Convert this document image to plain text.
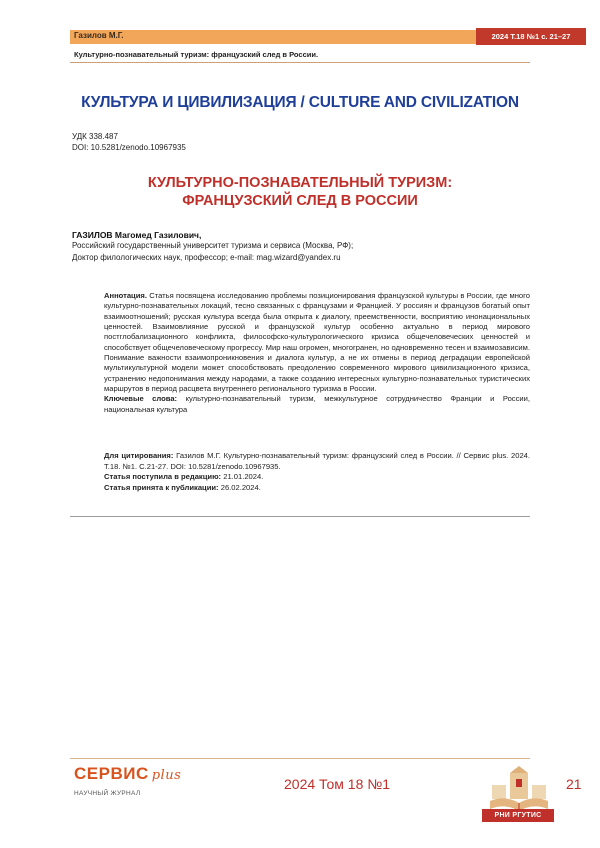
Газилов М.Г.	2024 Т.18 №1 с. 21–27
Культурно-познавательный туризм: французский след в России.
КУЛЬТУРА И ЦИВИЛИЗАЦИЯ / CULTURE AND CIVILIZATION
УДК 338.487
DOI: 10.5281/zenodo.10967935
КУЛЬТУРНО-ПОЗНАВАТЕЛЬНЫЙ ТУРИЗМ:
ФРАНЦУЗСКИЙ СЛЕД В РОССИИ
ГАЗИЛОВ Магомед Газилович,
Российский государственный университет туризма и сервиса (Москва, РФ);
Доктор филологических наук, профессор; e-mail: mag.wizard@yandex.ru

Аннотация. Статья посвящена исследованию проблемы позиционирования французской культуры в России, где много культурно-познавательных локаций, тесно связанных с французами и Францией. У россиян и французов богатый опыт взаимоотношений; русская культура всегда была открыта к диалогу, преемственности, восприятию инонациональных ценностей. Взаимовлияние русской и французской культур особенно актуально в период мирового постглобализационного конфликта, философско-культурологического кризиса общечеловеческих ценностей и способствует общечеловеческому прогрессу. Мир наш огромен, многогранен, но одновременно тесен и взаимозависим. Понимание важности взаимопроникновения и диалога культур, а не их отмены в период деградации европейской мультикультурной модели может способствовать преодолению современного мирового цивилизационного кризиса, устранению недопонимания между народами, а также созданию интересных культурно-познавательных туристических маршрутов в период расцвета внутреннего регионального туризма в России.

Ключевые слова: культурно-познавательный туризм, межкультурное сотрудничество Франции и России, национальная культура

Для цитирования: Газилов М.Г. Культурно-познавательный туризм: французский след в России. // Сервис plus. 2024. Т.18. №1. С.21-27. DOI: 10.5281/zenodo.10967935.

Статья поступила в редакцию: 21.01.2024.

Статья принята к публикации: 26.02.2024.

СЕРВИС plus
НАУЧНЫЙ ЖУРНАЛ
2024 Том 18 №1
РНИ РГУТИС
21
